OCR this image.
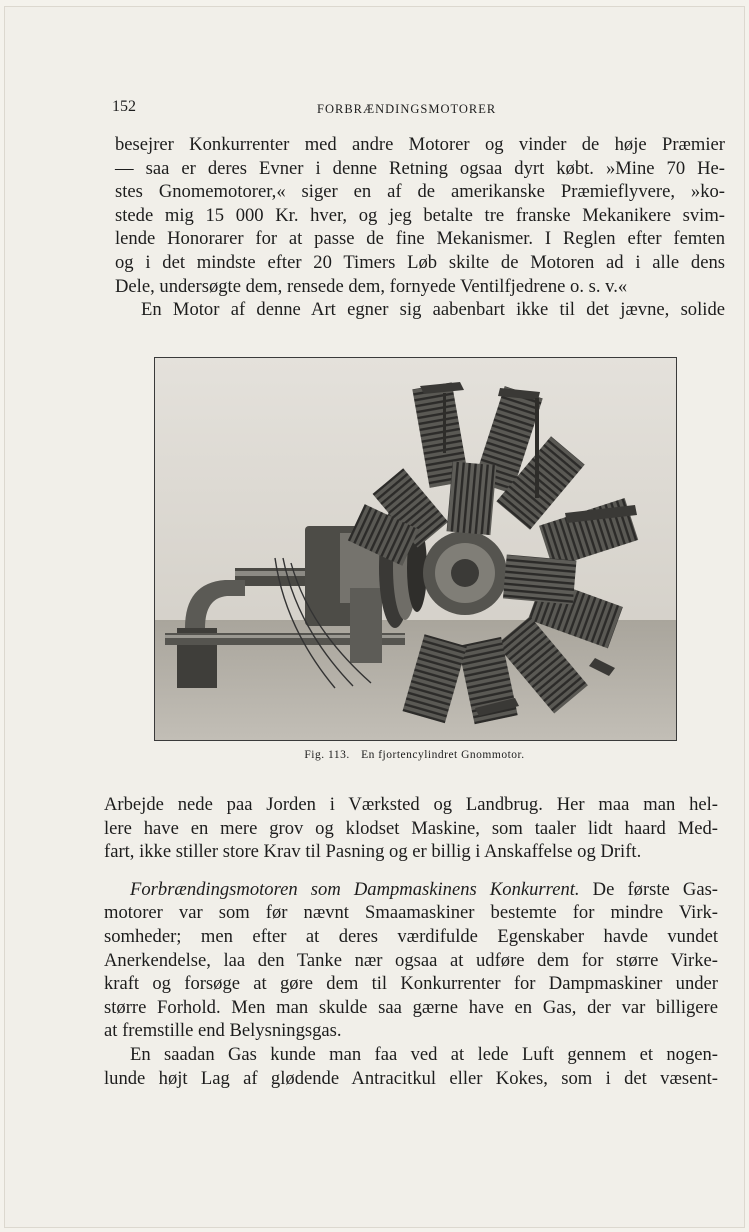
152	FORBRÆNDINGSMOTORER
besejrer Konkurrenter med andre Motorer og vinder de høje Præmier
— saa er deres Evner i denne Retning ogsaa dyrt købt. »Mine 70 He-
stes Gnomemotorer,« siger en af de amerikanske Præmieflyvere, »ko-
stede mig 15 000 Kr. hver, og jeg betalte tre franske Mekanikere svim-
lende Honorarer for at passe de fine Mekanismer. I Reglen efter femten
og i det mindste efter 20 Timers Løb skilte de Motoren ad i alle dens
Dele, undersøgte dem, rensede dem, fornyede Ventilfjedrene o. s. v.«
En Motor af denne Art egner sig aabenbart ikke til det jævne, solide
Fig. 113. En fjortencylindret Gnommotor.
Arbejde nede paa Jorden i Værksted og Landbrug. Her maa man hel-
lere have en mere grov og klodset Maskine, som taaler lidt haard Med-
fart, ikke stiller store Krav til Pasning og er billig i Anskaffelse og Drift.
Forbrændingsmotoren som Dampmaskinens Konkurrent. De første Gas-
motorer var som før nævnt Smaamaskiner bestemte for mindre Virk-
somheder; men efter at deres værdifulde Egenskaber havde vundet
Anerkendelse, laa den Tanke nær ogsaa at udføre dem for større Virke-
kraft og forsøge at gøre dem til Konkurrenter for Dampmaskiner under
større Forhold. Men man skulde saa gærne have en Gas, der var billigere
at fremstille end Belysningsgas.
En saadan Gas kunde man faa ved at lede Luft gennem et nogen-
lunde højt Lag af glødende Antracitkul eller Kokes, som i det væsent-
